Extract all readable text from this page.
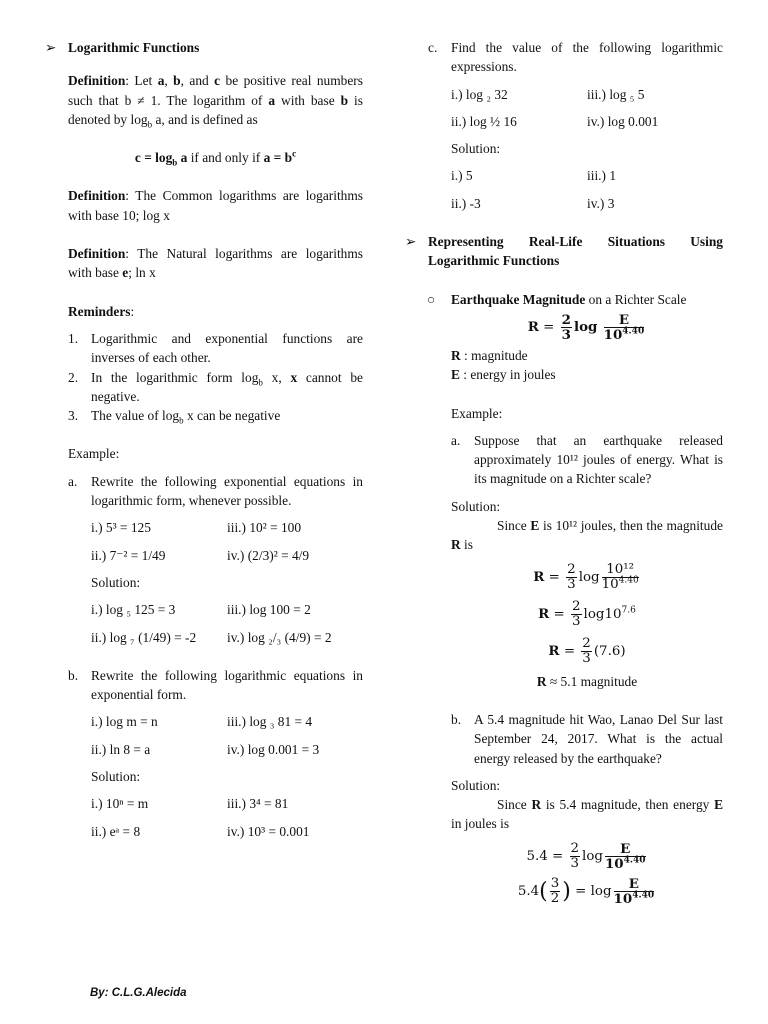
➢ Logarithmic Functions

Definition: Let a, b, and c be positive real numbers such that b ≠ 1. The logarithm of a with base b is denoted by $\log_b a$, and is defined as

$c = \log_b a$ if and only if $a = b^c$

Definition: The Common logarithms are logarithms with base 10; log x

Definition: The Natural logarithms are logarithms with base e; ln x

Reminders:

1. Logarithmic and exponential functions are inverses of each other.

2. In the logarithmic form $\log_b x$, x cannot be negative.

3. The value of $\log_b x$ can be negative

Example:

a. Rewrite the following exponential equations in logarithmic form, whenever possible.

i.) 5³ = 125	iii.) 10² = 100
ii.) 7⁻² = 1/49	iv.) (2/3)² = 4/9

Solution:

i.) log ₅ 125 = 3	iii.) log 100 = 2
ii.) log ₇ (1/49) = -2	iv.) log ₂/₃ (4/9) = 2

b. Rewrite the following logarithmic equations in exponential form.

i.) log m = n	iii.) log ₃ 81 = 4
ii.) ln 8 = a	iv.) log 0.001 = 3

Solution:

i.) 10ⁿ = m	iii.) 3⁴ = 81
ii.) eᵃ = 8	iv.) 10³ = 0.001

c. Find the value of the following logarithmic expressions.

i.) log ₂ 32	iii.) log ₅ 5
ii.) log ½ 16	iv.) log 0.001

Solution:

i.) 5	iii.) 1
ii.) -3	iv.) 3

➢ Representing Real-Life Situations Using Logarithmic Functions

○ Earthquake Magnitude on a Richter Scale

$R = \frac{2}{3}$ $\log \frac{E}{10^{4.40}}$

R : magnitude

E : energy in joules

Example:

a. Suppose that an earthquake released approximately 10¹² joules of energy. What is its magnitude on a Richter scale?

Solution:

Since E is 10¹² joules, then the magnitude R is

$R = \frac{2}{3}$ $\log \frac{\text{10¹²}}{10^{4.40}}$
$R = \frac{2}{3} \log 10^{7.6}$
$R = \frac{2}{3} (7.6)$

R ≈ 5.1 magnitude

b. A 5.4 magnitude hit Wao, Lanao Del Sur last September 24, 2017. What is the actual energy released by the earthquake?

Solution:

Since R is 5.4 magnitude, then energy E in joules is

$5.4 = \frac{2}{3}$ $\log \frac{E}{10^{4.40}}$
$5.4( \frac{3}{2}$ ) = $\log \frac{E}{10^{4.40}}$
By: C.L.G.Alecida
